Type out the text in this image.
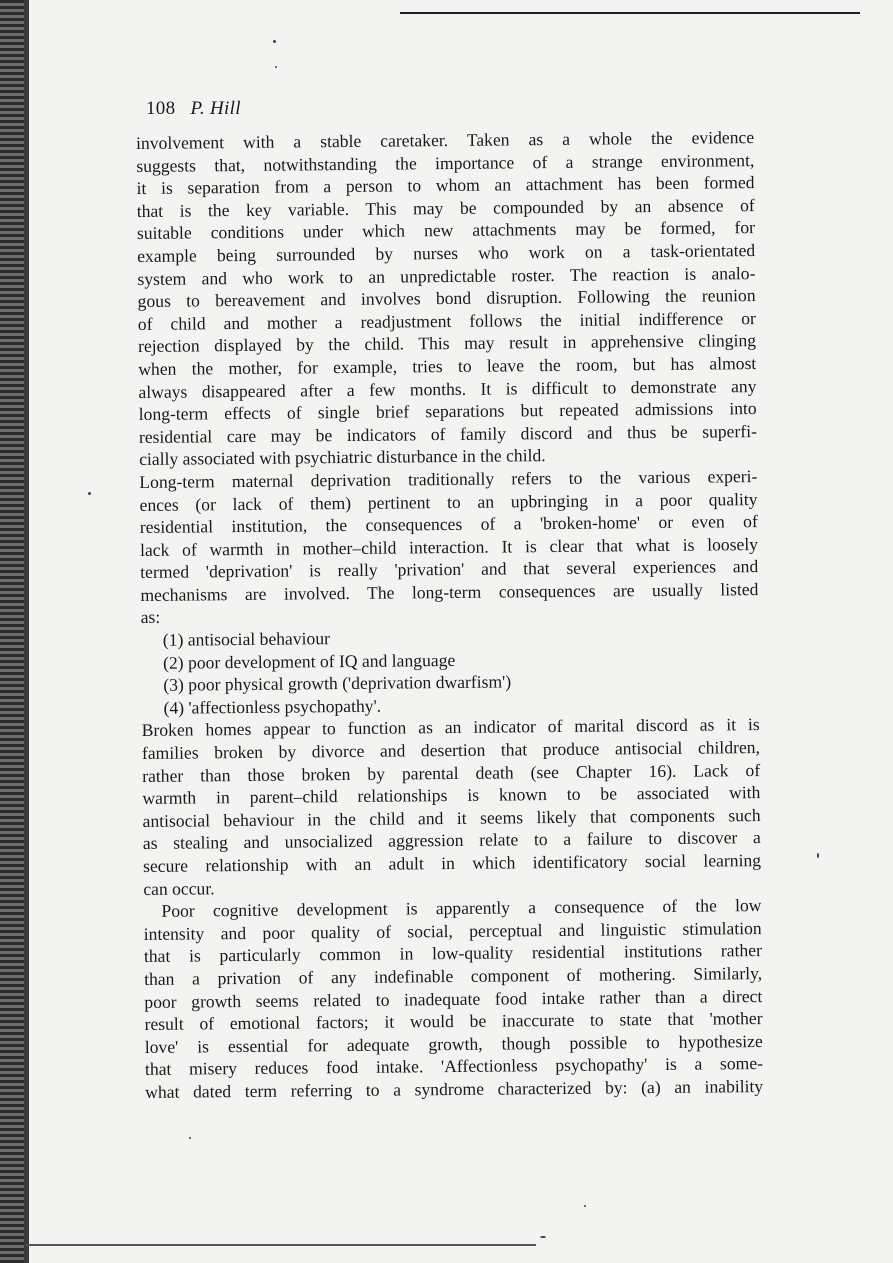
108 P. Hill
involvement with a stable caretaker. Taken as a whole the evidence
suggests that, notwithstanding the importance of a strange environment,
it is separation from a person to whom an attachment has been formed
that is the key variable. This may be compounded by an absence of
suitable conditions under which new attachments may be formed, for
example being surrounded by nurses who work on a task-orientated
system and who work to an unpredictable roster. The reaction is analo-
gous to bereavement and involves bond disruption. Following the reunion
of child and mother a readjustment follows the initial indifference or
rejection displayed by the child. This may result in apprehensive clinging
when the mother, for example, tries to leave the room, but has almost
always disappeared after a few months. It is difficult to demonstrate any
long-term effects of single brief separations but repeated admissions into
residential care may be indicators of family discord and thus be superfi-
cially associated with psychiatric disturbance in the child.
Long-term maternal deprivation traditionally refers to the various experi-
ences (or lack of them) pertinent to an upbringing in a poor quality
residential institution, the consequences of a 'broken-home' or even of
lack of warmth in mother–child interaction. It is clear that what is loosely
termed 'deprivation' is really 'privation' and that several experiences and
mechanisms are involved. The long-term consequences are usually listed
as:
(1) antisocial behaviour
(2) poor development of IQ and language
(3) poor physical growth ('deprivation dwarfism')
(4) 'affectionless psychopathy'.
Broken homes appear to function as an indicator of marital discord as it is
families broken by divorce and desertion that produce antisocial children,
rather than those broken by parental death (see Chapter 16). Lack of
warmth in parent–child relationships is known to be associated with
antisocial behaviour in the child and it seems likely that components such
as stealing and unsocialized aggression relate to a failure to discover a
secure relationship with an adult in which identificatory social learning
can occur.
Poor cognitive development is apparently a consequence of the low
intensity and poor quality of social, perceptual and linguistic stimulation
that is particularly common in low-quality residential institutions rather
than a privation of any indefinable component of mothering. Similarly,
poor growth seems related to inadequate food intake rather than a direct
result of emotional factors; it would be inaccurate to state that 'mother
love' is essential for adequate growth, though possible to hypothesize
that misery reduces food intake. 'Affectionless psychopathy' is a some-
what dated term referring to a syndrome characterized by: (a) an inability
